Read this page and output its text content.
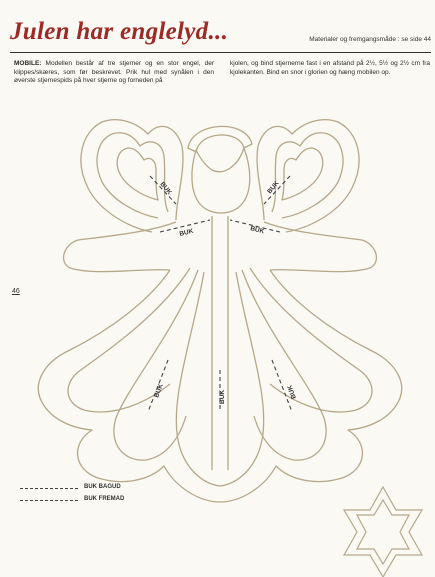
Julen har englelyd...	Materialer og fremgangsmåde : se side 44
MOBILE: Modellen består af tre stjerner og en stor engel, der klippes/skæres, som før beskrevet. Prik hul med synålen i den øverste stjernespids på hver stjerne og forneden på
kjolen, og bind stjernerne fast i en afstand på 2½, 5½ og 2½ cm fra kjolekanten. Bind en snor i glorien og hæng mobilen op.
46
BUK	BUK
BUK	BUK
BUK	BUK	BUK
BUK BAGUD
BUK FREMAD
